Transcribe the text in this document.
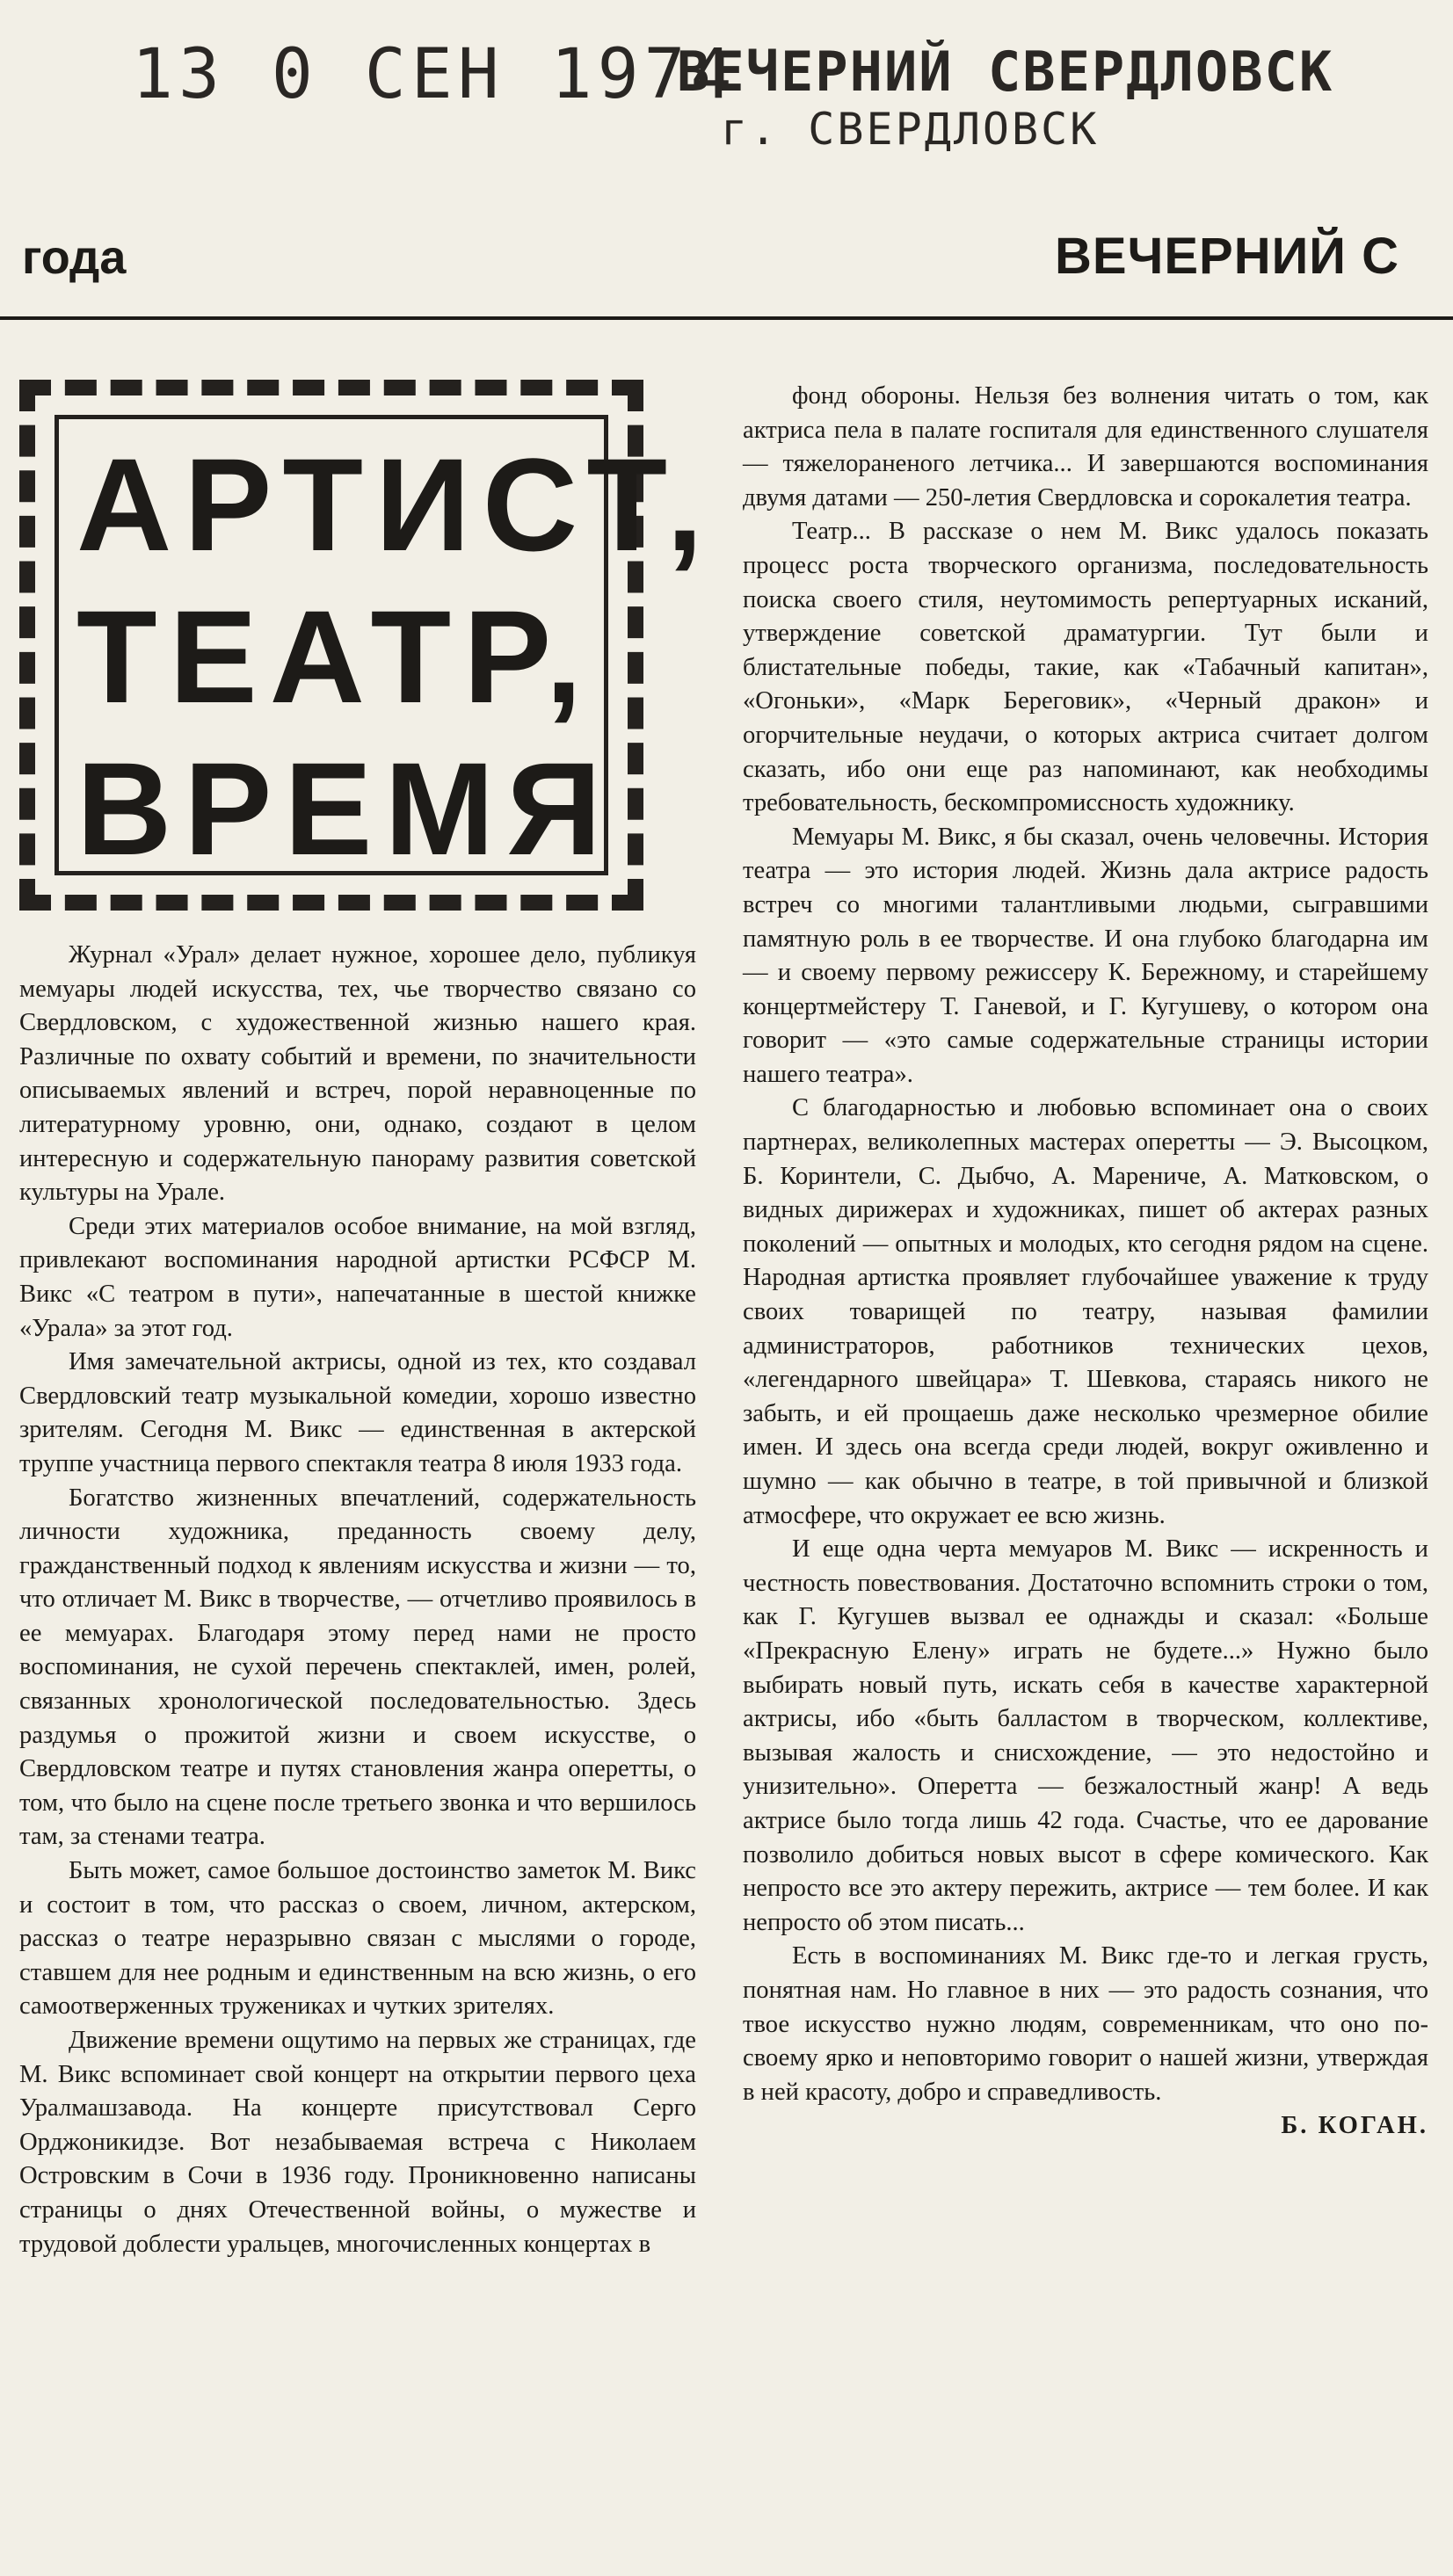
13 0 СЕН 1974
ВЕЧЕРНИЙ СВЕРДЛОВСК
г. СВЕРДЛОВСК
года	ВЕЧЕРНИЙ С
АРТИСТ,
ТЕАТР,
ВРЕМЯ

Журнал «Урал» делает нужное, хорошее дело, публикуя мемуары людей искусства, тех, чье творчество связано со Свердловском, с художественной жизнью нашего края. Различные по охвату событий и времени, по значительности описываемых явлений и встреч, порой неравноценные по литературному уровню, они, однако, создают в целом интересную и содержательную панораму развития советской культуры на Урале.

Среди этих материалов особое внимание, на мой взгляд, привлекают воспоминания народной артистки РСФСР М. Викс «С театром в пути», напечатанные в шестой книжке «Урала» за этот год.

Имя замечательной актрисы, одной из тех, кто создавал Свердловский театр музыкальной комедии, хорошо известно зрителям. Сегодня М. Викс — единственная в актерской труппе участница первого спектакля театра 8 июля 1933 года.

Богатство жизненных впечатлений, содержательность личности художника, преданность своему делу, гражданственный подход к явлениям искусства и жизни — то, что отличает М. Викс в творчестве, — отчетливо проявилось в ее мемуарах. Благодаря этому перед нами не просто воспоминания, не сухой перечень спектаклей, имен, ролей, связанных хронологической последовательностью. Здесь раздумья о прожитой жизни и своем искусстве, о Свердловском театре и путях становления жанра оперетты, о том, что было на сцене после третьего звонка и что вершилось там, за стенами театра.

Быть может, самое большое достоинство заметок М. Викс и состоит в том, что рассказ о своем, личном, актерском, рассказ о театре неразрывно связан с мыслями о городе, ставшем для нее родным и единственным на всю жизнь, о его самоотверженных тружениках и чутких зрителях.

Движение времени ощутимо на первых же страницах, где М. Викс вспоминает свой концерт на открытии первого цеха Уралмашзавода. На концерте присутствовал Серго Орджоникидзе. Вот незабываемая встреча с Николаем Островским в Сочи в 1936 году. Проникновенно написаны страницы о днях Отечественной войны, о мужестве и трудовой доблести уральцев, многочисленных концертах в

фонд обороны. Нельзя без волнения читать о том, как актриса пела в палате госпиталя для единственного слушателя — тяжелораненого летчика... И завершаются воспоминания двумя датами — 250-летия Свердловска и сорокалетия театра.

Театр... В рассказе о нем М. Викс удалось показать процесс роста творческого организма, последовательность поиска своего стиля, неутомимость репертуарных исканий, утверждение советской драматургии. Тут были и блистательные победы, такие, как «Табачный капитан», «Огоньки», «Марк Береговик», «Черный дракон» и огорчительные неудачи, о которых актриса считает долгом сказать, ибо они еще раз напоминают, как необходимы требовательность, бескомпромиссность художнику.

Мемуары М. Викс, я бы сказал, очень человечны. История театра — это история людей. Жизнь дала актрисе радость встреч со многими талантливыми людьми, сыгравшими памятную роль в ее творчестве. И она глубоко благодарна им — и своему первому режиссеру К. Бережному, и старейшему концертмейстеру Т. Ганевой, и Г. Кугушеву, о котором она говорит — «это самые содержательные страницы истории нашего театра».

С благодарностью и любовью вспоминает она о своих партнерах, великолепных мастерах оперетты — Э. Высоцком, Б. Коринтели, С. Дыбчо, А. Марениче, А. Матковском, о видных дирижерах и художниках, пишет об актерах разных поколений — опытных и молодых, кто сегодня рядом на сцене. Народная артистка проявляет глубочайшее уважение к труду своих товарищей по театру, называя фамилии администраторов, работников технических цехов, «легендарного швейцара» Т. Шевкова, стараясь никого не забыть, и ей прощаешь даже несколько чрезмерное обилие имен. И здесь она всегда среди людей, вокруг оживленно и шумно — как обычно в театре, в той привычной и близкой атмосфере, что окружает ее всю жизнь.

И еще одна черта мемуаров М. Викс — искренность и честность повествования. Достаточно вспомнить строки о том, как Г. Кугушев вызвал ее однажды и сказал: «Больше «Прекрасную Елену» играть не будете...» Нужно было выбирать новый путь, искать себя в качестве характерной актрисы, ибо «быть балластом в творческом, коллективе, вызывая жалость и снисхождение, — это недостойно и унизительно». Оперетта — безжалостный жанр! А ведь актрисе было тогда лишь 42 года. Счастье, что ее дарование позволило добиться новых высот в сфере комического. Как непросто все это актеру пережить, актрисе — тем более. И как непросто об этом писать...

Есть в воспоминаниях М. Викс где-то и легкая грусть, понятная нам. Но главное в них — это радость сознания, что твое искусство нужно людям, современникам, что оно по-своему ярко и неповторимо говорит о нашей жизни, утверждая в ней красоту, добро и справедливость.

Б. КОГАН.
